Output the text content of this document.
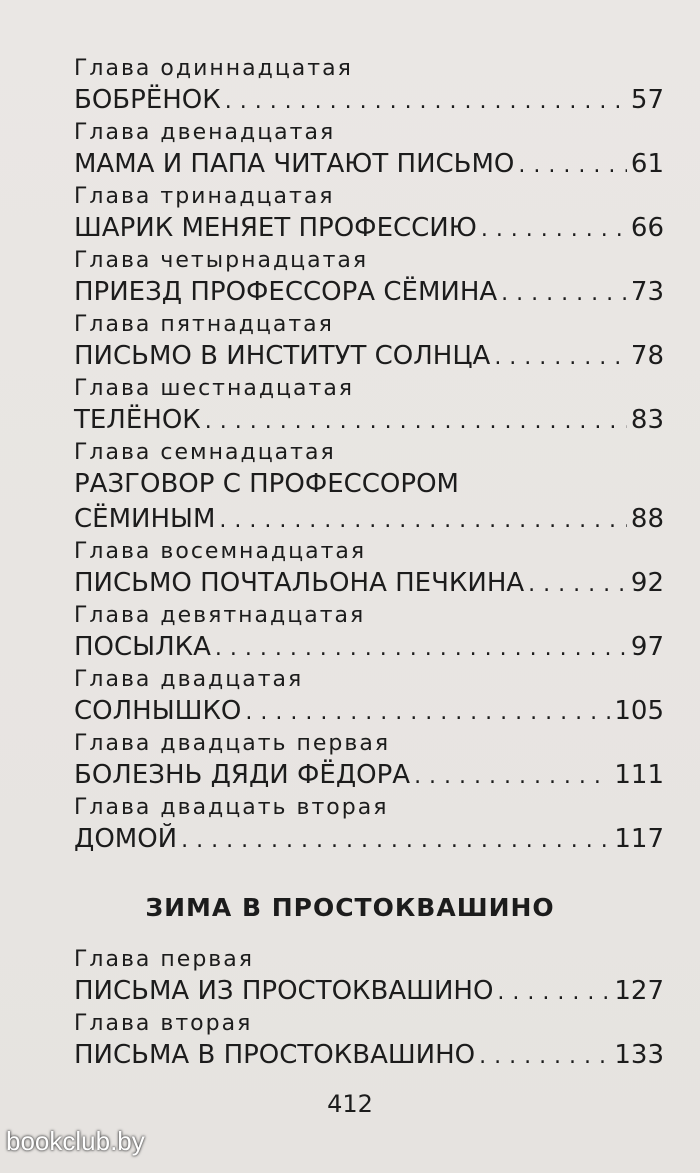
Глава одиннадцатая
БОБРЁНОК . . .	57
Глава двенадцатая
МАМА И ПАПА ЧИТАЮТ ПИСЬМО . . .	61
Глава тринадцатая
ШАРИК МЕНЯЕТ ПРОФЕССИЮ . . .	66
Глава четырнадцатая
ПРИЕЗД ПРОФЕССОРА СЁМИНА . . .	73
Глава пятнадцатая
ПИСЬМО В ИНСТИТУТ СОЛНЦА . . .	78
Глава шестнадцатая
ТЕЛЁНОК . . .	83
Глава семнадцатая
РАЗГОВОР С ПРОФЕССОРОМ
СЁМИНЫМ . . .	88
Глава восемнадцатая
ПИСЬМО ПОЧТАЛЬОНА ПЕЧКИНА . . .	92
Глава девятнадцатая
ПОСЫЛКА . . .	97
Глава двадцатая
СОЛНЫШКО . . .	105
Глава двадцать первая
БОЛЕЗНЬ ДЯДИ ФЁДОРА . . .	111
Глава двадцать вторая
ДОМОЙ . . .	117
ЗИМА В ПРОСТОКВАШИНО
Глава первая
ПИСЬМА ИЗ ПРОСТОКВАШИНО . . .	127
Глава вторая
ПИСЬМА В ПРОСТОКВАШИНО . . .	133
412
bookclub.by
